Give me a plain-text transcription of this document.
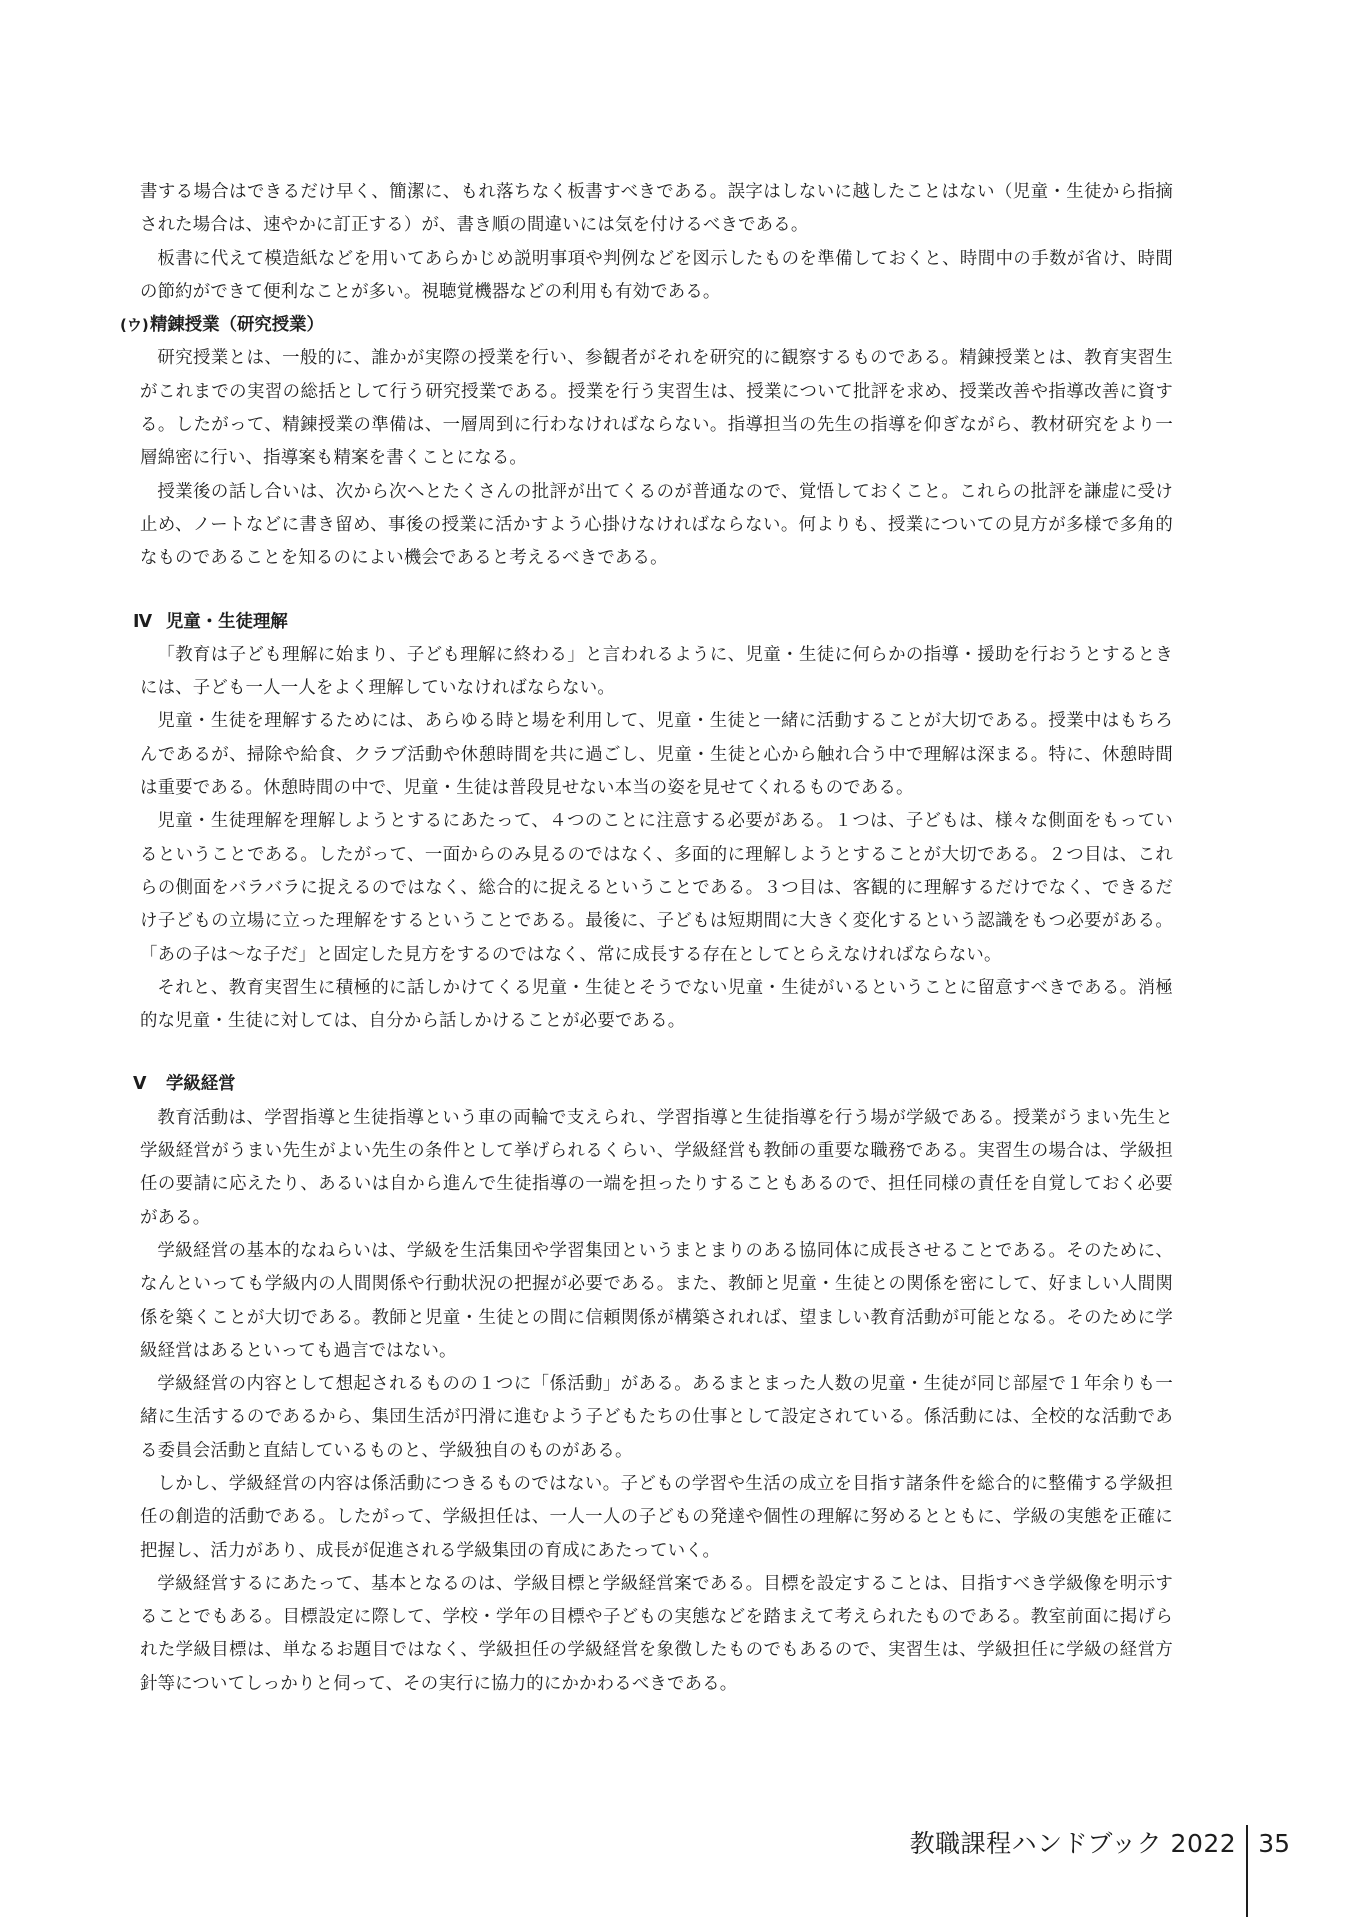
書する場合はできるだけ早く、簡潔に、もれ落ちなく板書すべきである。誤字はしないに越したことはない（児童・生徒から指摘された場合は、速やかに訂正する）が、書き順の間違いには気を付けるべきである。

板書に代えて模造紙などを用いてあらかじめ説明事項や判例などを図示したものを準備しておくと、時間中の手数が省け、時間の節約ができて便利なことが多い。視聴覚機器などの利用も有効である。

(ウ) 精錬授業（研究授業）

研究授業とは、一般的に、誰かが実際の授業を行い、参観者がそれを研究的に観察するものである。精錬授業とは、教育実習生がこれまでの実習の総括として行う研究授業である。授業を行う実習生は、授業について批評を求め、授業改善や指導改善に資する。したがって、精錬授業の準備は、一層周到に行わなければならない。指導担当の先生の指導を仰ぎながら、教材研究をより一層綿密に行い、指導案も精案を書くことになる。

授業後の話し合いは、次から次へとたくさんの批評が出てくるのが普通なので、覚悟しておくこと。これらの批評を謙虚に受け止め、ノートなどに書き留め、事後の授業に活かすよう心掛けなければならない。何よりも、授業についての見方が多様で多角的なものであることを知るのによい機会であると考えるべきである。

Ⅳ 児童・生徒理解

「教育は子ども理解に始まり、子ども理解に終わる」と言われるように、児童・生徒に何らかの指導・援助を行おうとするときには、子ども一人一人をよく理解していなければならない。

児童・生徒を理解するためには、あらゆる時と場を利用して、児童・生徒と一緒に活動することが大切である。授業中はもちろんであるが、掃除や給食、クラブ活動や休憩時間を共に過ごし、児童・生徒と心から触れ合う中で理解は深まる。特に、休憩時間は重要である。休憩時間の中で、児童・生徒は普段見せない本当の姿を見せてくれるものである。

児童・生徒理解を理解しようとするにあたって、４つのことに注意する必要がある。１つは、子どもは、様々な側面をもっているということである。したがって、一面からのみ見るのではなく、多面的に理解しようとすることが大切である。２つ目は、これらの側面をバラバラに捉えるのではなく、総合的に捉えるということである。３つ目は、客観的に理解するだけでなく、できるだけ子どもの立場に立った理解をするということである。最後に、子どもは短期間に大きく変化するという認識をもつ必要がある。「あの子は〜な子だ」と固定した見方をするのではなく、常に成長する存在としてとらえなければならない。

それと、教育実習生に積極的に話しかけてくる児童・生徒とそうでない児童・生徒がいるということに留意すべきである。消極的な児童・生徒に対しては、自分から話しかけることが必要である。

Ⅴ	学級経営

教育活動は、学習指導と生徒指導という車の両輪で支えられ、学習指導と生徒指導を行う場が学級である。授業がうまい先生と学級経営がうまい先生がよい先生の条件として挙げられるくらい、学級経営も教師の重要な職務である。実習生の場合は、学級担任の要請に応えたり、あるいは自から進んで生徒指導の一端を担ったりすることもあるので、担任同様の責任を自覚しておく必要がある。

学級経営の基本的なねらいは、学級を生活集団や学習集団というまとまりのある協同体に成長させることである。そのために、なんといっても学級内の人間関係や行動状況の把握が必要である。また、教師と児童・生徒との関係を密にして、好ましい人間関係を築くことが大切である。教師と児童・生徒との間に信頼関係が構築されれば、望ましい教育活動が可能となる。そのために学級経営はあるといっても過言ではない。

学級経営の内容として想起されるものの１つに「係活動」がある。あるまとまった人数の児童・生徒が同じ部屋で１年余りも一緒に生活するのであるから、集団生活が円滑に進むよう子どもたちの仕事として設定されている。係活動には、全校的な活動である委員会活動と直結しているものと、学級独自のものがある。

しかし、学級経営の内容は係活動につきるものではない。子どもの学習や生活の成立を目指す諸条件を総合的に整備する学級担任の創造的活動である。したがって、学級担任は、一人一人の子どもの発達や個性の理解に努めるとともに、学級の実態を正確に把握し、活力があり、成長が促進される学級集団の育成にあたっていく。

学級経営するにあたって、基本となるのは、学級目標と学級経営案である。目標を設定することは、目指すべき学級像を明示することでもある。目標設定に際して、学校・学年の目標や子どもの実態などを踏まえて考えられたものである。教室前面に掲げられた学級目標は、単なるお題目ではなく、学級担任の学級経営を象徴したものでもあるので、実習生は、学級担任に学級の経営方針等についてしっかりと伺って、その実行に協力的にかかわるべきである。

教職課程ハンドブック 2022 35
